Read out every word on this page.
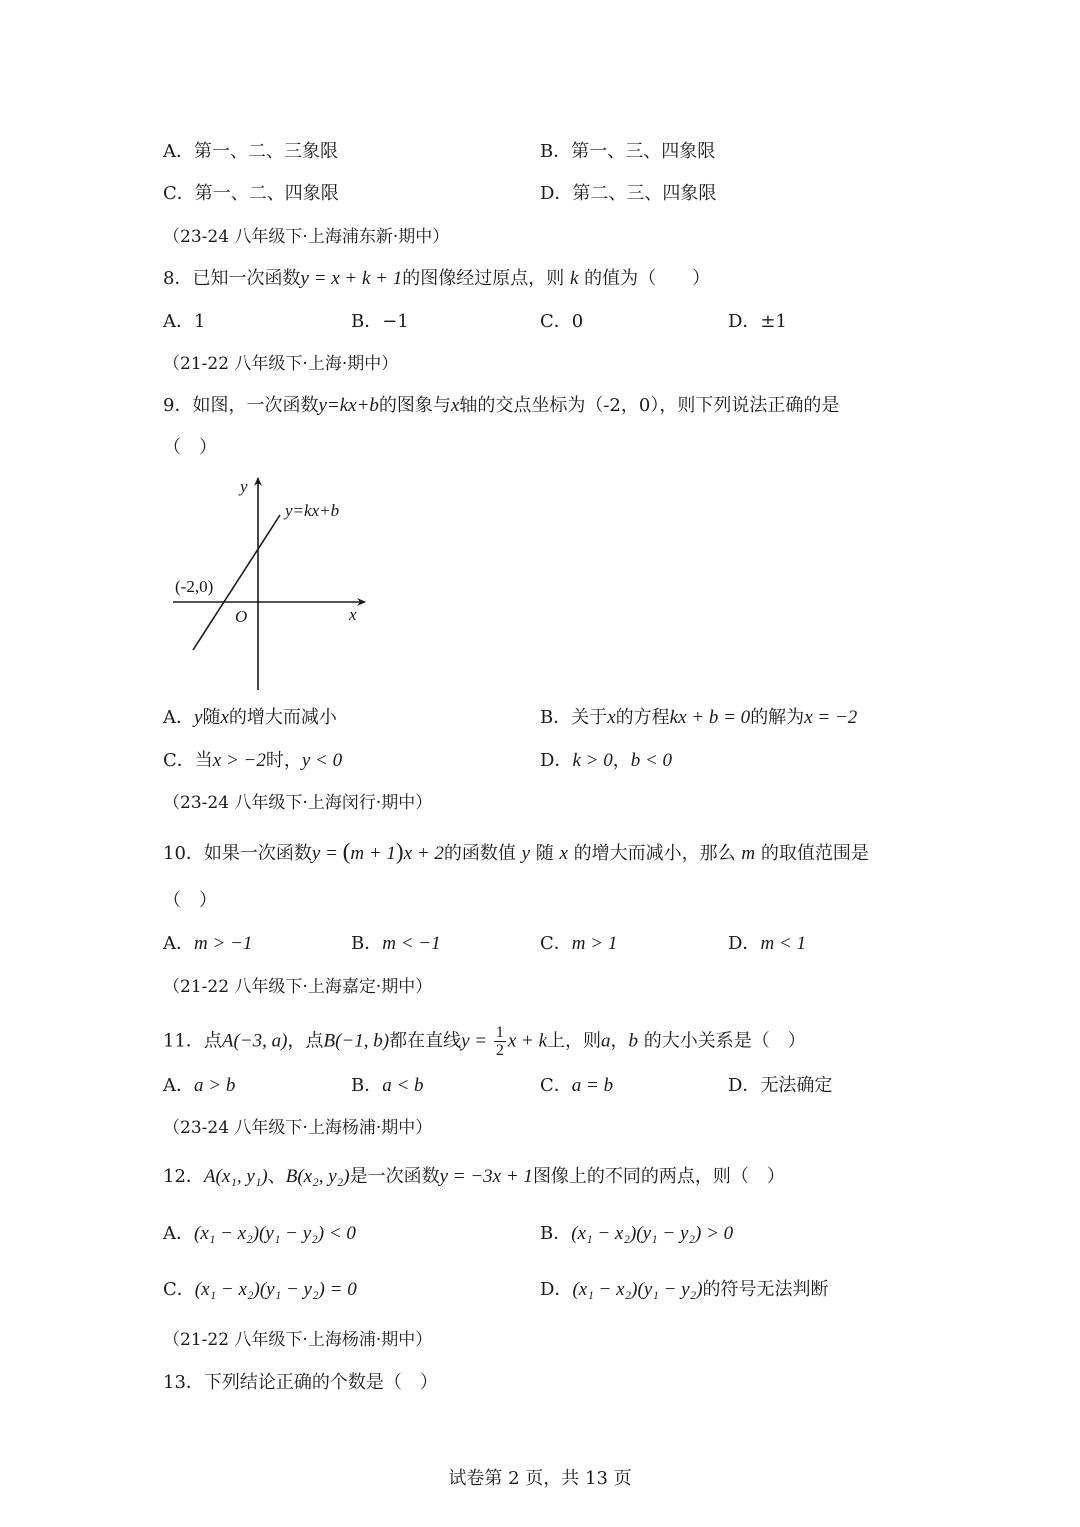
A．第一、二、三象限	B．第一、三、四象限
C．第一、二、四象限	D．第二、三、四象限
（23-24 八年级下·上海浦东新·期中）
8．已知一次函数y = x + k + 1的图像经过原点，则 k 的值为（　　）
A．1	B．−1	C．0	D．±1
（21-22 八年级下·上海·期中）
9．如图，一次函数y=kx+b的图象与x轴的交点坐标为（-2，0），则下列说法正确的是
（　）
y
x
O
(-2,0)
y=kx+b
A．y随x的增大而减小	B．关于x的方程kx + b = 0的解为x = −2
C．当x > −2时，y < 0	D．k > 0，b < 0
（23-24 八年级下·上海闵行·期中）
10．如果一次函数y = (m + 1)x + 2的函数值 y 随 x 的增大而减小，那么 m 的取值范围是
（　）
A．m > −1	B．m < −1	C．m > 1	D．m < 1
（21-22 八年级下·上海嘉定·期中）
11．点A(−3, a)，点B(−1, b)都在直线$y = \frac{1}{2}$ x + k上，则a，b 的大小关系是（　）
A．a > b	B．a < b	C．a = b	D．无法确定
（23-24 八年级下·上海杨浦·期中）
12．A(x₁, y₁)、B(x₂, y₂)是一次函数y = −3x + 1图像上的不同的两点，则（　）
A．(x₁ − x₂)(y₁ − y₂) < 0	B．(x₁ − x₂)(y₁ − y₂) > 0
C．(x₁ − x₂)(y₁ − y₂) = 0	D．(x₁ − x₂)(y₁ − y₂)的符号无法判断
（21-22 八年级下·上海杨浦·期中）
13．下列结论正确的个数是（　）
试卷第 2 页，共 13 页
